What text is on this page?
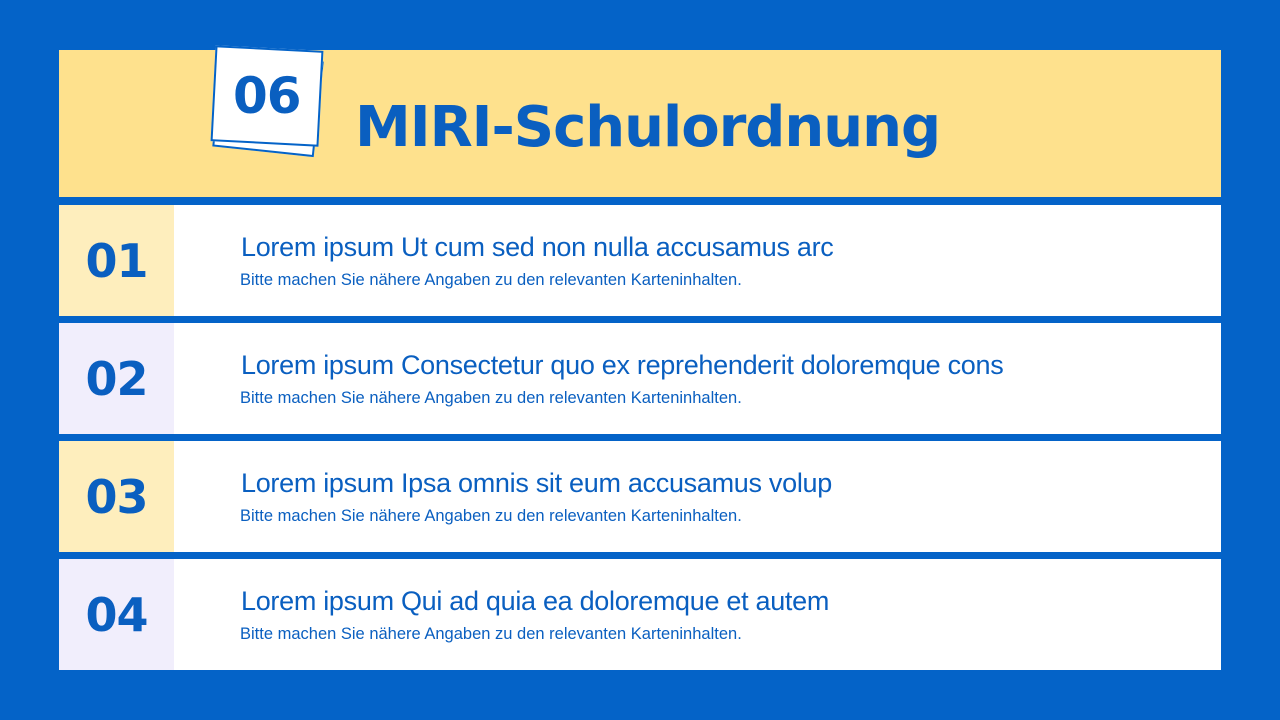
06 MIRI-Schulordnung
01	Lorem ipsum Ut cum sed non nulla accusamus arc
Bitte machen Sie nähere Angaben zu den relevanten Karteninhalten.
02	Lorem ipsum Consectetur quo ex reprehenderit doloremque cons
Bitte machen Sie nähere Angaben zu den relevanten Karteninhalten.
03	Lorem ipsum Ipsa omnis sit eum accusamus volup
Bitte machen Sie nähere Angaben zu den relevanten Karteninhalten.
04	Lorem ipsum Qui ad quia ea doloremque et autem
Bitte machen Sie nähere Angaben zu den relevanten Karteninhalten.
